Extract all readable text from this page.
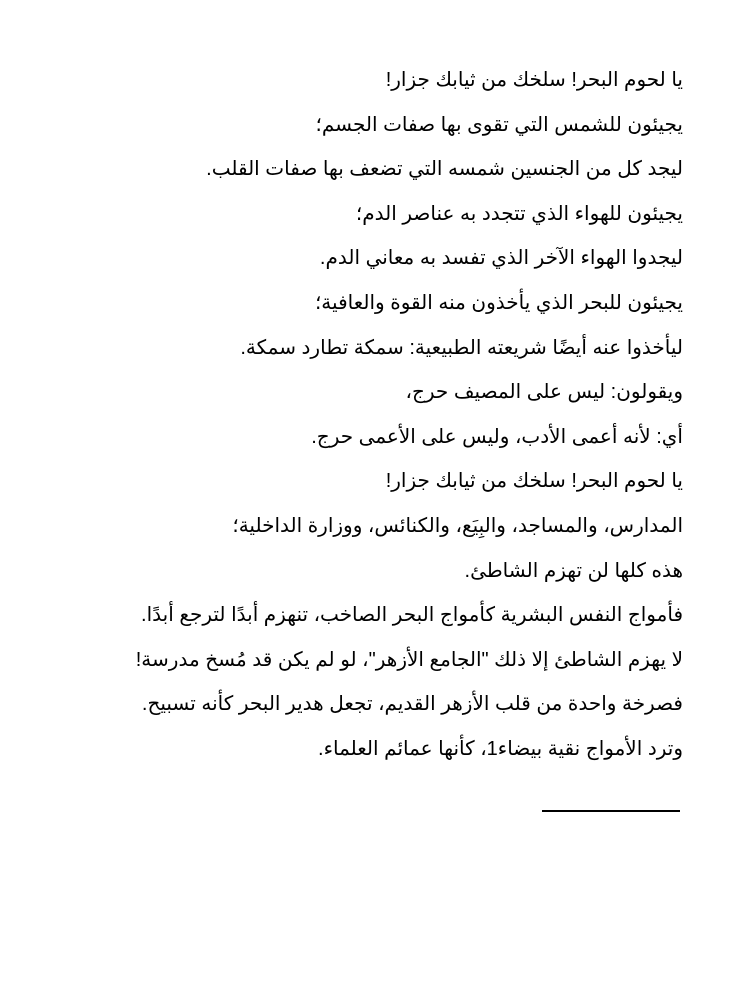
يا لحوم البحر! سلخك من ثيابك جزار!
يجيئون للشمس التي تقوى بها صفات الجسم؛
ليجد كل من الجنسين شمسه التي تضعف بها صفات القلب.
يجيئون للهواء الذي تتجدد به عناصر الدم؛
ليجدوا الهواء الآخر الذي تفسد به معاني الدم.
يجيئون للبحر الذي يأخذون منه القوة والعافية؛
ليأخذوا عنه أيضًا شريعته الطبيعية: سمكة تطارد سمكة.
ويقولون: ليس على المصيف حرج،
أي: لأنه أعمى الأدب، وليس على الأعمى حرج.
يا لحوم البحر! سلخك من ثيابك جزار!
المدارس، والمساجد، والبِيَع، والكنائس، ووزارة الداخلية؛
هذه كلها لن تهزم الشاطئ.
فأمواج النفس البشرية كأمواج البحر الصاخب، تنهزم أبدًا لترجع أبدًا.
لا يهزم الشاطئ إلا ذلك "الجامع الأزهر"، لو لم يكن قد مُسخ مدرسة!
فصرخة واحدة من قلب الأزهر القديم، تجعل هدير البحر كأنه تسبيح.
وترد الأمواج نقية بيضاء1، كأنها عمائم العلماء.
